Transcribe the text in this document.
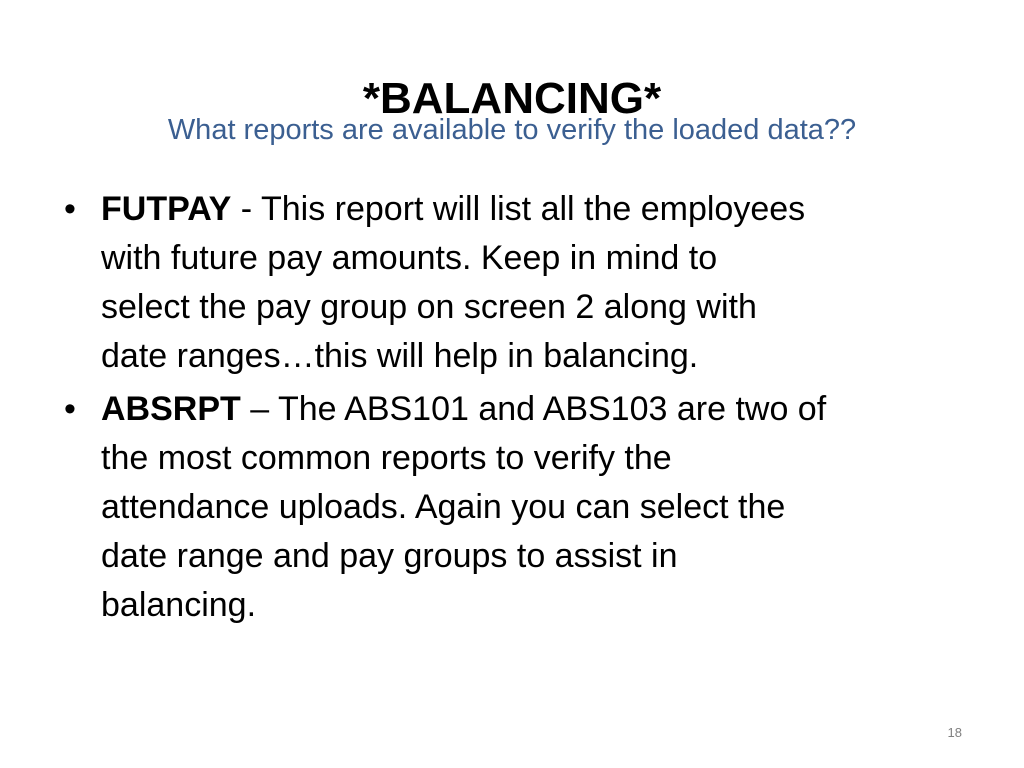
*BALANCING*
What reports are available to verify the loaded data??
• FUTPAY - This report will list all the employees
with future pay amounts. Keep in mind to
select the pay group on screen 2 along with
date ranges…this will help in balancing.
• ABSRPT – The ABS101 and ABS103 are two of
the most common reports to verify the
attendance uploads. Again you can select the
date range and pay groups to assist in
balancing.
18
